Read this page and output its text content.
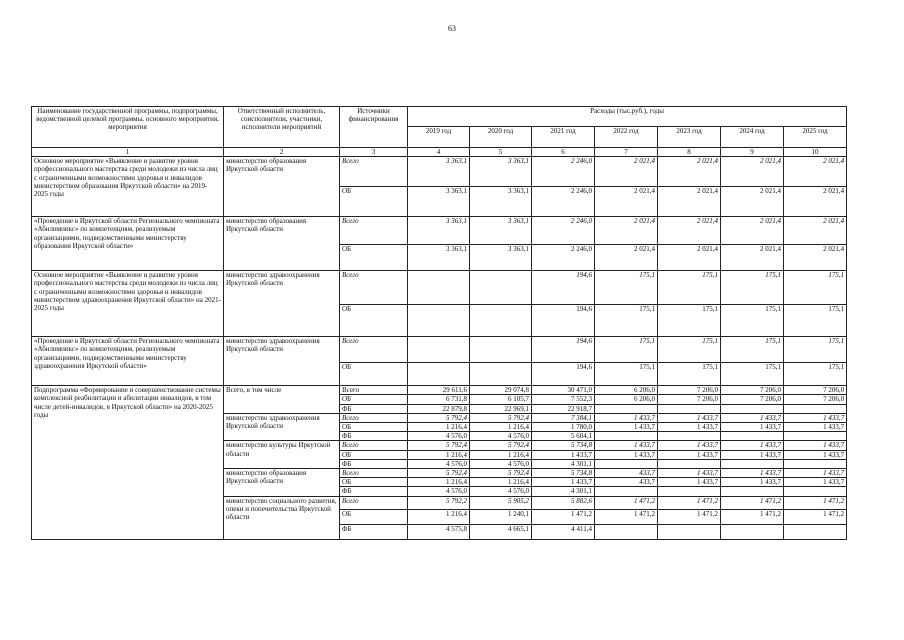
63
Наименование государственной программы, подпрограммы, ведомственной целевой программы, основного мероприятия, мероприятия	Ответственный исполнитель, соисполнители, участники, исполнители мероприятий	Источники финансирования	Расходы (тыс.руб.), годы						
			2019 год	2020 год	2021 год	2022 год	2023 год	2024 год	2025 год
1	2	3	4	5	6	7	8	9	10
Основное мероприятие «Выявление и развитие уровня профессионального мастерства среди молодежи из числа лиц с ограниченными возможностями здоровья и инвалидов министерством образования Иркутской области» на 2019-2025 годы	министерство образования Иркутской области	Всего	3 363,1	3 363,1	2 246,0	2 021,4	2 021,4	2 021,4	2 021,4
		ОБ	3 363,1	3 363,1	2 246,0	2 021,4	2 021,4	2 021,4	2 021,4
«Проведение в Иркутской области Регионального чемпионата «Абилимпикс» по компетенциям, реализуемым организациями, подведомственными министерству образования Иркутской области»	министерство образования Иркутской области	Всего	3 363,1	3 363,1	2 246,0	2 021,4	2 021,4	2 021,4	2 021,4
		ОБ	3 363,1	3 363,1	2 246,0	2 021,4	2 021,4	2 021,4	2 021,4
Основное мероприятие «Выявление и развитие уровня профессионального мастерства среди молодежи из числа лиц с ограниченными возможностями здоровья и инвалидов министерством здравоохранения Иркутской области» на 2021-2025 годы	министерство здравоохранения Иркутской области	Всего			194,6	175,1	175,1	175,1	175,1
		ОБ			194,6	175,1	175,1	175,1	175,1
«Проведение в Иркутской области Регионального чемпионата «Абилимпикс» по компетенциям, реализуемым организациями, подведомственными министерству здравоохранения Иркутской области»	министерство здравоохранения Иркутской области	Всего			194,6	175,1	175,1	175,1	175,1
		ОБ			194,6	175,1	175,1	175,1	175,1
Подпрограмма «Формирование и совершенствование системы комплексной реабилитации и абилитации инвалидов, в том числе детей-инвалидов, в Иркутской области» на 2020-2025 годы	Всего, в том числе	Всего	29 611,6	29 074,8	30 471,0	6 206,0	7 206,0	7 206,0	7 206,0
		ОБ	6 731,8	6 105,7	7 552,3	6 206,0	7 206,0	7 206,0	7 206,0
		ФБ	22 879,8	22 969,1	22 918,7				
	министерство здравоохранения Иркутской области	Всего	5 792,4	5 792,4	7 384,1	1 433,7	1 433,7	1 433,7	1 433,7
		ОБ	1 216,4	1 216,4	1 780,0	1 433,7	1 433,7	1 433,7	1 433,7
		ФБ	4 576,0	4 576,0	5 604,1				
	министерство культуры Иркутской области	Всего	5 792,4	5 792,4	5 734,8	1 433,7	1 433,7	1 433,7	1 433,7
		ОБ	1 216,4	1 216,4	1 433,7	1 433,7	1 433,7	1 433,7	1 433,7
		ФБ	4 576,0	4 576,0	4 301,1				
	министерство образования Иркутской области	Всего	5 792,4	5 792,4	5 734,8	433,7	1 433,7	1 433,7	1 433,7
		ОБ	1 216,4	1 216,4	1 433,7	433,7	1 433,7	1 433,7	1 433,7
		ФБ	4 576,0	4 576,0	4 301,1				
	министерство социального развития, опеки и попечительства Иркутской области	Всего	5 792,2	5 905,2	5 882,6	1 471,2	1 471,2	1 471,2	1 471,2
		ОБ	1 216,4	1 240,1	1 471,2	1 471,2	1 471,2	1 471,2	1 471,2
		ФБ	4 575,8	4 665,1	4 411,4				
